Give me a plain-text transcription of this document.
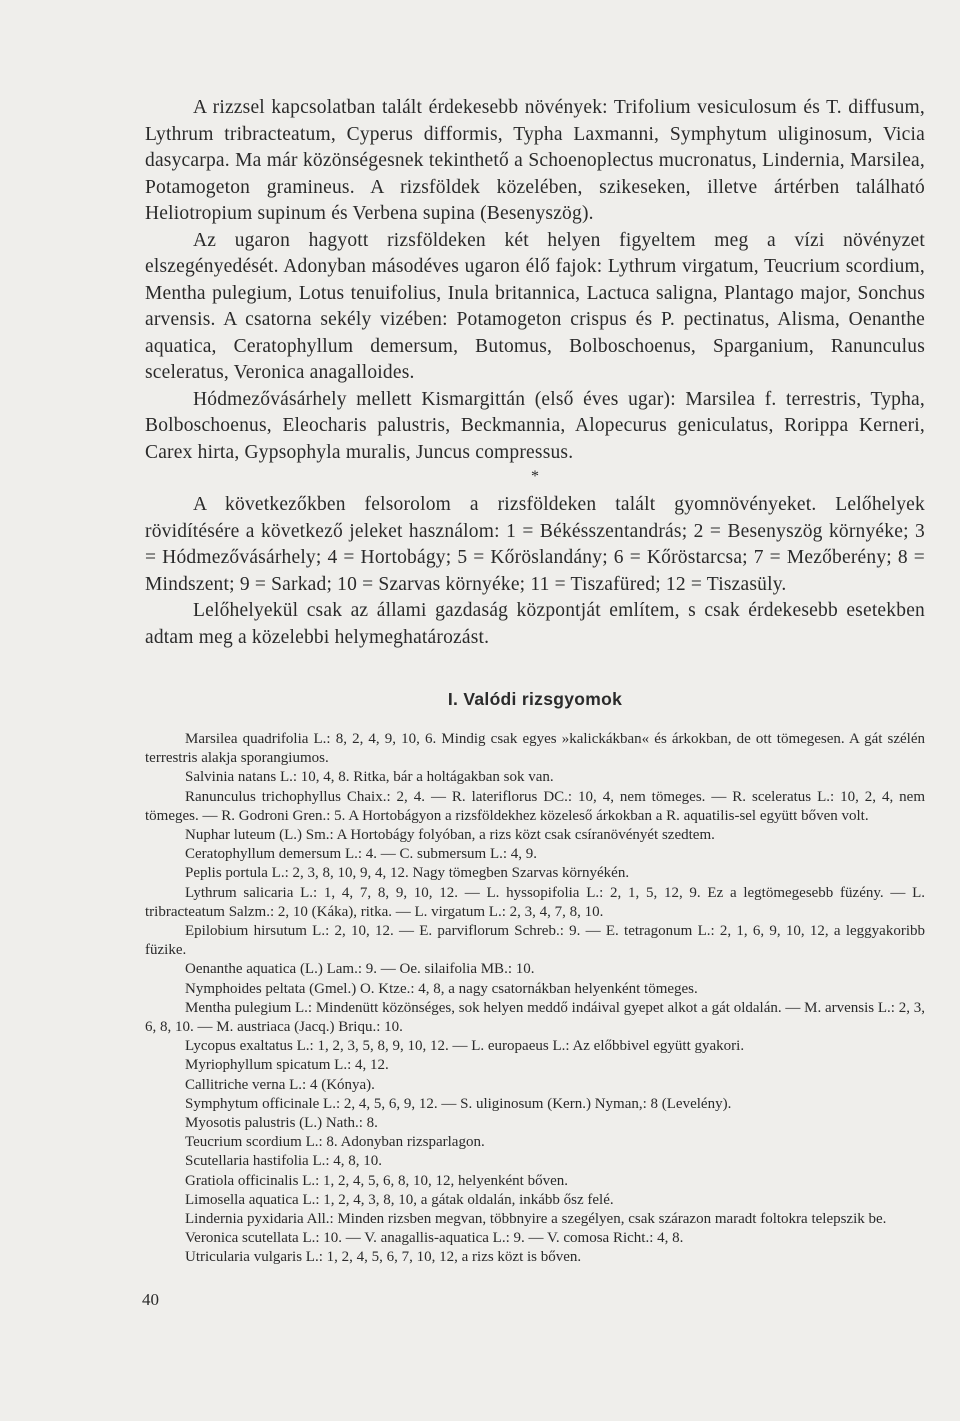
A rizzsel kapcsolatban talált érdekesebb növények: Trifolium vesiculosum és T. diffusum, Lythrum tribracteatum, Cyperus difformis, Typha Laxmanni, Symphytum uliginosum, Vicia dasycarpa. Ma már közönségesnek tekinthető a Schoenoplectus mucronatus, Lindernia, Marsilea, Potamogeton gramineus. A rizsföldek közelében, szikeseken, illetve ártérben található Heliotropium supinum és Verbena supina (Besenyszög).

Az ugaron hagyott rizsföldeken két helyen figyeltem meg a vízi növényzet elszegényedését. Adonyban másodéves ugaron élő fajok: Lythrum virgatum, Teucrium scordium, Mentha pulegium, Lotus tenuifolius, Inula britannica, Lactuca saligna, Plantago major, Sonchus arvensis. A csatorna sekély vizében: Potamogeton crispus és P. pectinatus, Alisma, Oenanthe aquatica, Ceratophyllum demersum, Butomus, Bolboschoenus, Sparganium, Ranunculus sceleratus, Veronica anagalloides.

Hódmezővásárhely mellett Kismargittán (első éves ugar): Marsilea f. terrestris, Typha, Bolboschoenus, Eleocharis palustris, Beckmannia, Alopecurus geniculatus, Rorippa Kerneri, Carex hirta, Gypsophyla muralis, Juncus compressus.

*

A következőkben felsorolom a rizsföldeken talált gyomnövényeket. Lelőhelyek rövidítésére a következő jeleket használom: 1 = Békésszentandrás; 2 = Besenyszög környéke; 3 = Hódmezővásárhely; 4 = Hortobágy; 5 = Kőröslandány; 6 = Kőröstarcsa; 7 = Mezőberény; 8 = Mindszent; 9 = Sarkad; 10 = Szarvas környéke; 11 = Tiszafüred; 12 = Tiszasüly.

Lelőhelyekül csak az állami gazdaság központját említem, s csak érdekesebb esetekben adtam meg a közelebbi helymeghatározást.

I. Valódi rizsgyomok

Marsilea quadrifolia L.: 8, 2, 4, 9, 10, 6. Mindig csak egyes »kalickákban« és árkokban, de ott tömegesen. A gát szélén terrestris alakja sporangiumos.

Salvinia natans L.: 10, 4, 8. Ritka, bár a holtágakban sok van.

Ranunculus trichophyllus Chaix.: 2, 4. — R. lateriflorus DC.: 10, 4, nem tömeges. — R. sceleratus L.: 10, 2, 4, nem tömeges. — R. Godroni Gren.: 5. A Hortobágyon a rizsföldekhez közeleső árkokban a R. aquatilis-sel együtt bőven volt.

Nuphar luteum (L.) Sm.: A Hortobágy folyóban, a rizs közt csak csíranövényét szedtem.

Ceratophyllum demersum L.: 4. — C. submersum L.: 4, 9.

Peplis portula L.: 2, 3, 8, 10, 9, 4, 12. Nagy tömegben Szarvas környékén.

Lythrum salicaria L.: 1, 4, 7, 8, 9, 10, 12. — L. hyssopifolia L.: 2, 1, 5, 12, 9. Ez a legtömegesebb füzény. — L. tribracteatum Salzm.: 2, 10 (Káka), ritka. — L. virgatum L.: 2, 3, 4, 7, 8, 10.

Epilobium hirsutum L.: 2, 10, 12. — E. parviflorum Schreb.: 9. — E. tetragonum L.: 2, 1, 6, 9, 10, 12, a leggyakoribb füzike.

Oenanthe aquatica (L.) Lam.: 9. — Oe. silaifolia MB.: 10.

Nymphoides peltata (Gmel.) O. Ktze.: 4, 8, a nagy csatornákban helyenként tömeges.

Mentha pulegium L.: Mindenütt közönséges, sok helyen meddő indáival gyepet alkot a gát oldalán. — M. arvensis L.: 2, 3, 6, 8, 10. — M. austriaca (Jacq.) Briqu.: 10.

Lycopus exaltatus L.: 1, 2, 3, 5, 8, 9, 10, 12. — L. europaeus L.: Az előbbivel együtt gyakori.

Myriophyllum spicatum L.: 4, 12.

Callitriche verna L.: 4 (Kónya).

Symphytum officinale L.: 2, 4, 5, 6, 9, 12. — S. uliginosum (Kern.) Nyman,: 8 (Levelény).

Myosotis palustris (L.) Nath.: 8.

Teucrium scordium L.: 8. Adonyban rizsparlagon.

Scutellaria hastifolia L.: 4, 8, 10.

Gratiola officinalis L.: 1, 2, 4, 5, 6, 8, 10, 12, helyenként bőven.

Limosella aquatica L.: 1, 2, 4, 3, 8, 10, a gátak oldalán, inkább ősz felé.

Lindernia pyxidaria All.: Minden rizsben megvan, többnyire a szegélyen, csak szárazon maradt foltokra telepszik be.

Veronica scutellata L.: 10. — V. anagallis-aquatica L.: 9. — V. comosa Richt.: 4, 8.

Utricularia vulgaris L.: 1, 2, 4, 5, 6, 7, 10, 12, a rizs közt is bőven.

40
